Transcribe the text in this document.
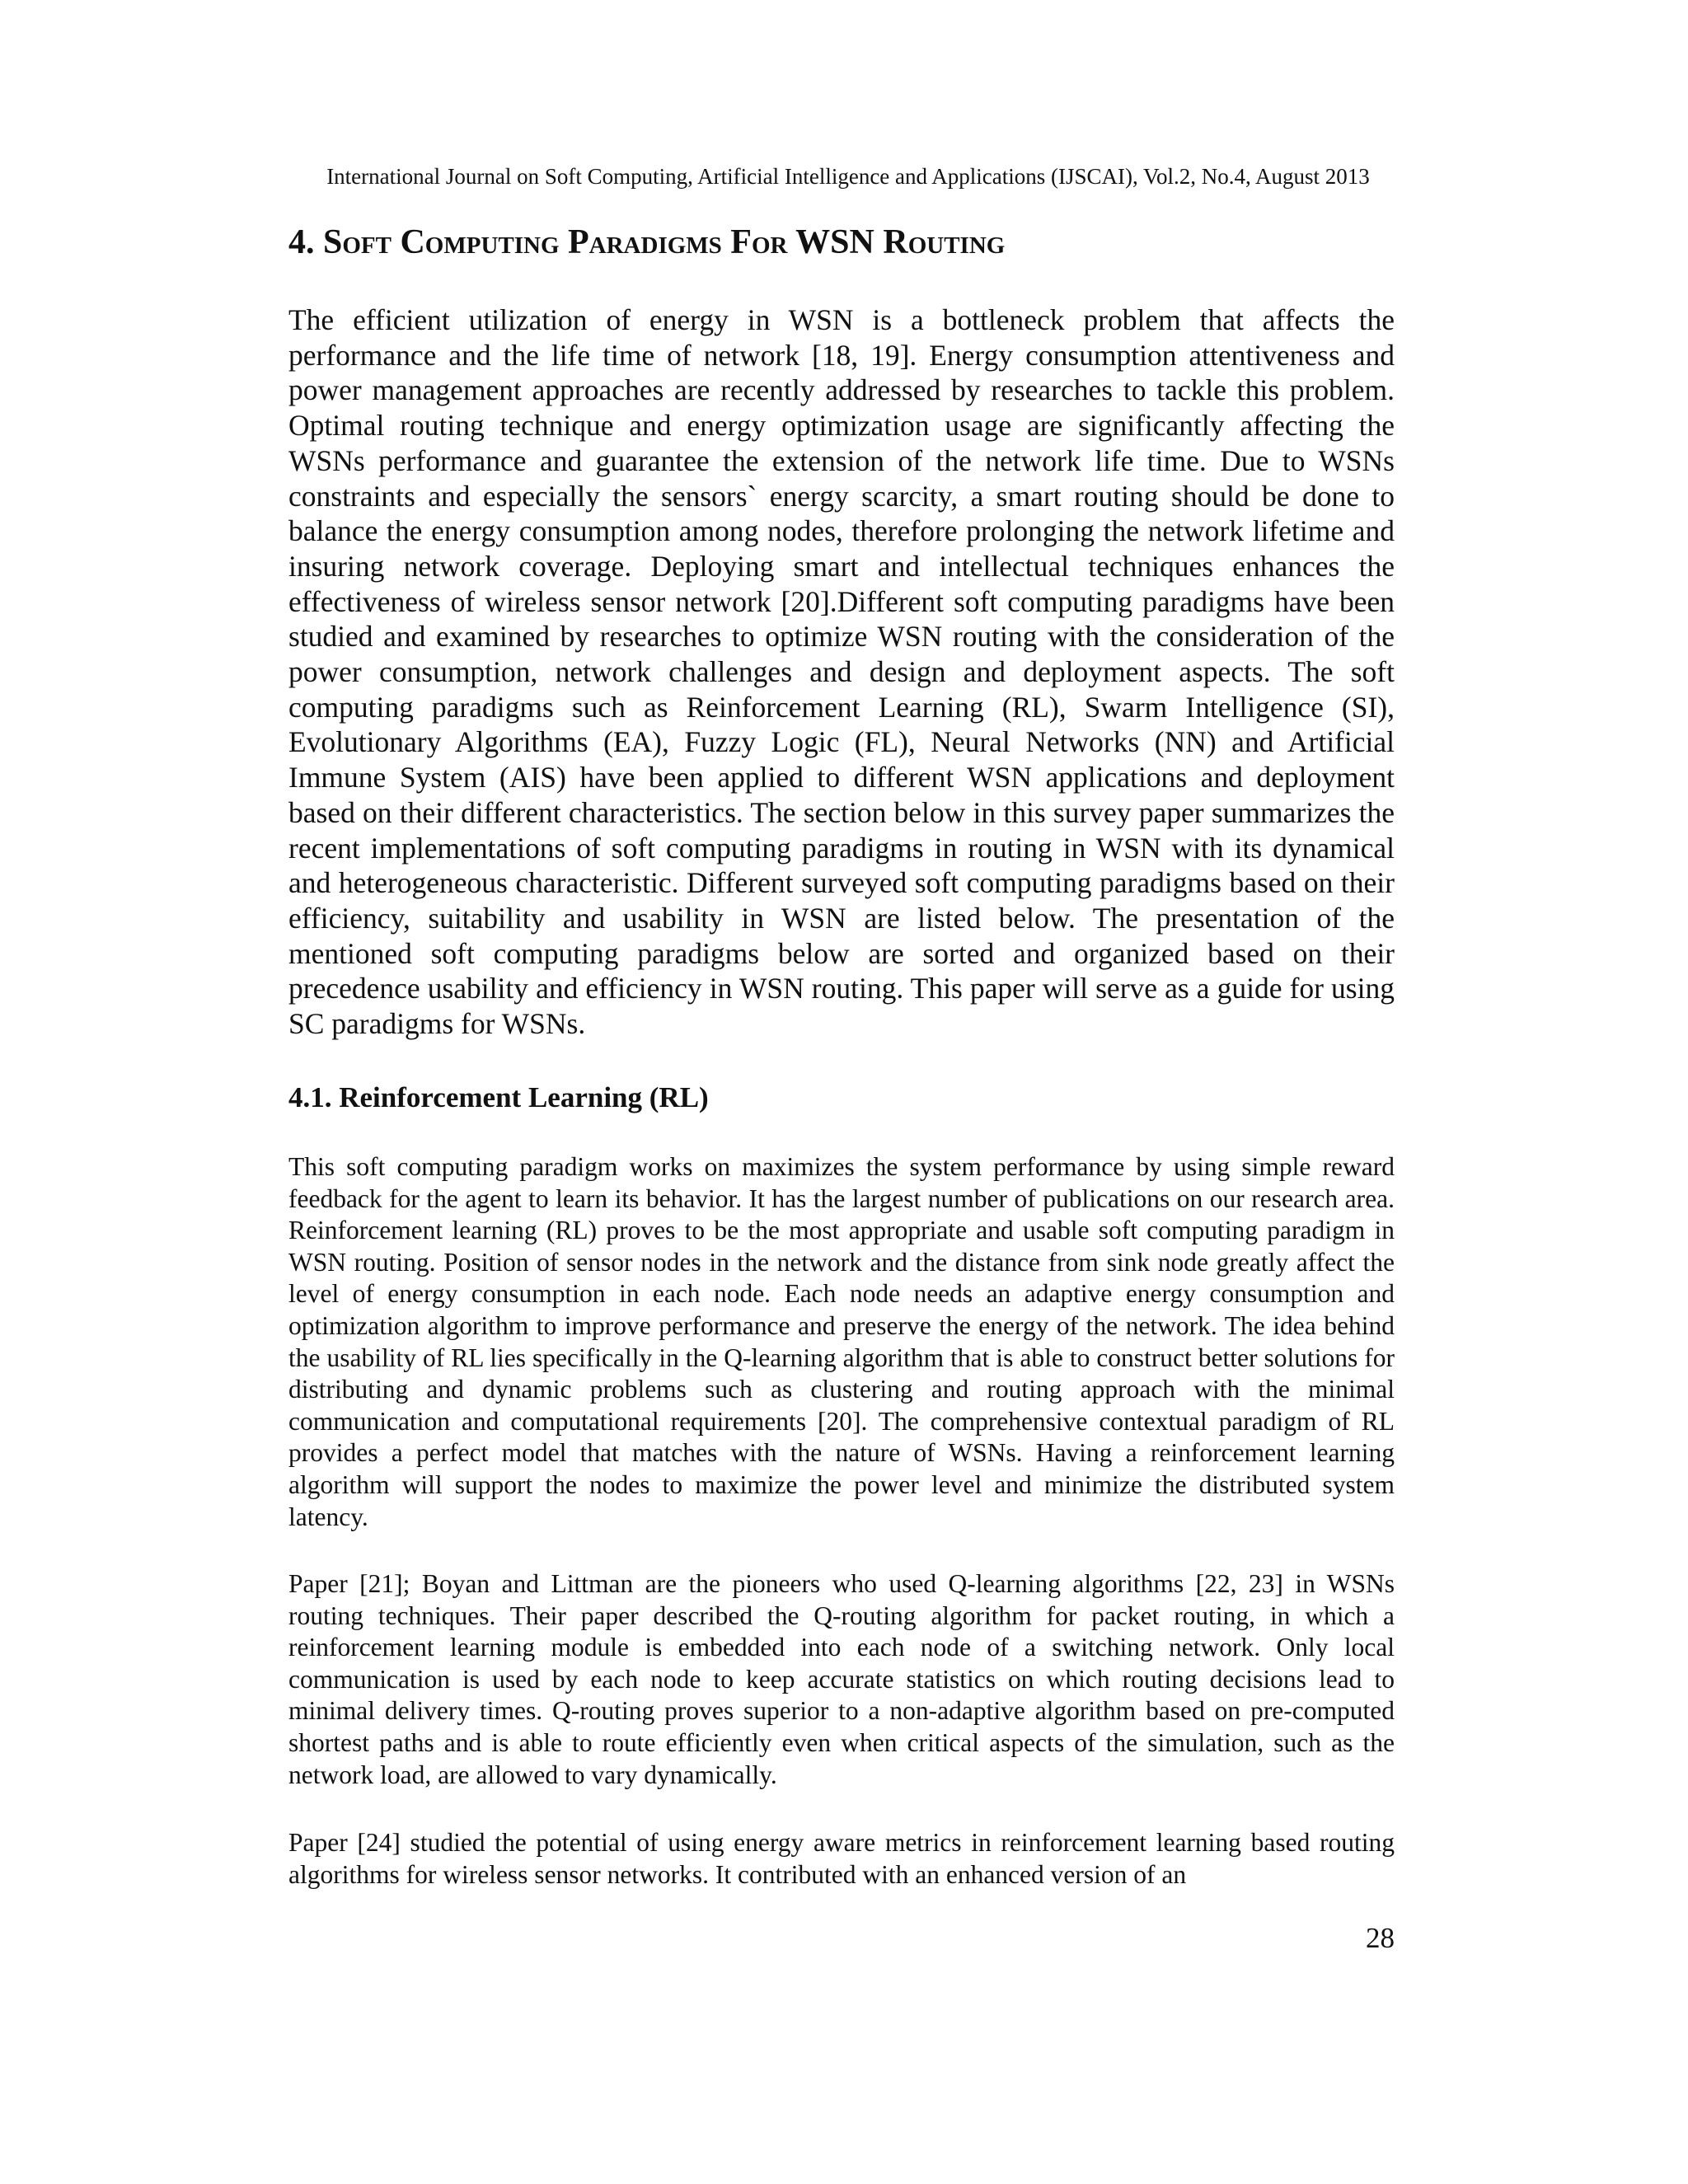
International Journal on Soft Computing, Artificial Intelligence and Applications (IJSCAI), Vol.2, No.4, August 2013
4. Soft Computing Paradigms For WSN Routing

The efficient utilization of energy in WSN is a bottleneck problem that affects the performance and the life time of network [18, 19]. Energy consumption attentiveness and power management approaches are recently addressed by researches to tackle this problem. Optimal routing technique and energy optimization usage are significantly affecting the WSNs performance and guarantee the extension of the network life time. Due to WSNs constraints and especially the sensors` energy scarcity, a smart routing should be done to balance the energy consumption among nodes, therefore prolonging the network lifetime and insuring network coverage. Deploying smart and intellectual techniques enhances the effectiveness of wireless sensor network [20].Different soft computing paradigms have been studied and examined by researches to optimize WSN routing with the consideration of the power consumption, network challenges and design and deployment aspects. The soft computing paradigms such as Reinforcement Learning (RL), Swarm Intelligence (SI), Evolutionary Algorithms (EA), Fuzzy Logic (FL), Neural Networks (NN) and Artificial Immune System (AIS) have been applied to different WSN applications and deployment based on their different characteristics. The section below in this survey paper summarizes the recent implementations of soft computing paradigms in routing in WSN with its dynamical and heterogeneous characteristic. Different surveyed soft computing paradigms based on their efficiency, suitability and usability in WSN are listed below. The presentation of the mentioned soft computing paradigms below are sorted and organized based on their precedence usability and efficiency in WSN routing. This paper will serve as a guide for using SC paradigms for WSNs.

4.1. Reinforcement Learning (RL)

This soft computing paradigm works on maximizes the system performance by using simple reward feedback for the agent to learn its behavior. It has the largest number of publications on our research area. Reinforcement learning (RL) proves to be the most appropriate and usable soft computing paradigm in WSN routing. Position of sensor nodes in the network and the distance from sink node greatly affect the level of energy consumption in each node. Each node needs an adaptive energy consumption and optimization algorithm to improve performance and preserve the energy of the network. The idea behind the usability of RL lies specifically in the Q-learning algorithm that is able to construct better solutions for distributing and dynamic problems such as clustering and routing approach with the minimal communication and computational requirements [20]. The comprehensive contextual paradigm of RL provides a perfect model that matches with the nature of WSNs. Having a reinforcement learning algorithm will support the nodes to maximize the power level and minimize the distributed system latency.

Paper [21]; Boyan and Littman are the pioneers who used Q-learning algorithms [22, 23] in WSNs routing techniques. Their paper described the Q-routing algorithm for packet routing, in which a reinforcement learning module is embedded into each node of a switching network. Only local communication is used by each node to keep accurate statistics on which routing decisions lead to minimal delivery times. Q-routing proves superior to a non-adaptive algorithm based on pre-computed shortest paths and is able to route efficiently even when critical aspects of the simulation, such as the network load, are allowed to vary dynamically.

Paper [24] studied the potential of using energy aware metrics in reinforcement learning based routing algorithms for wireless sensor networks. It contributed with an enhanced version of an

28
